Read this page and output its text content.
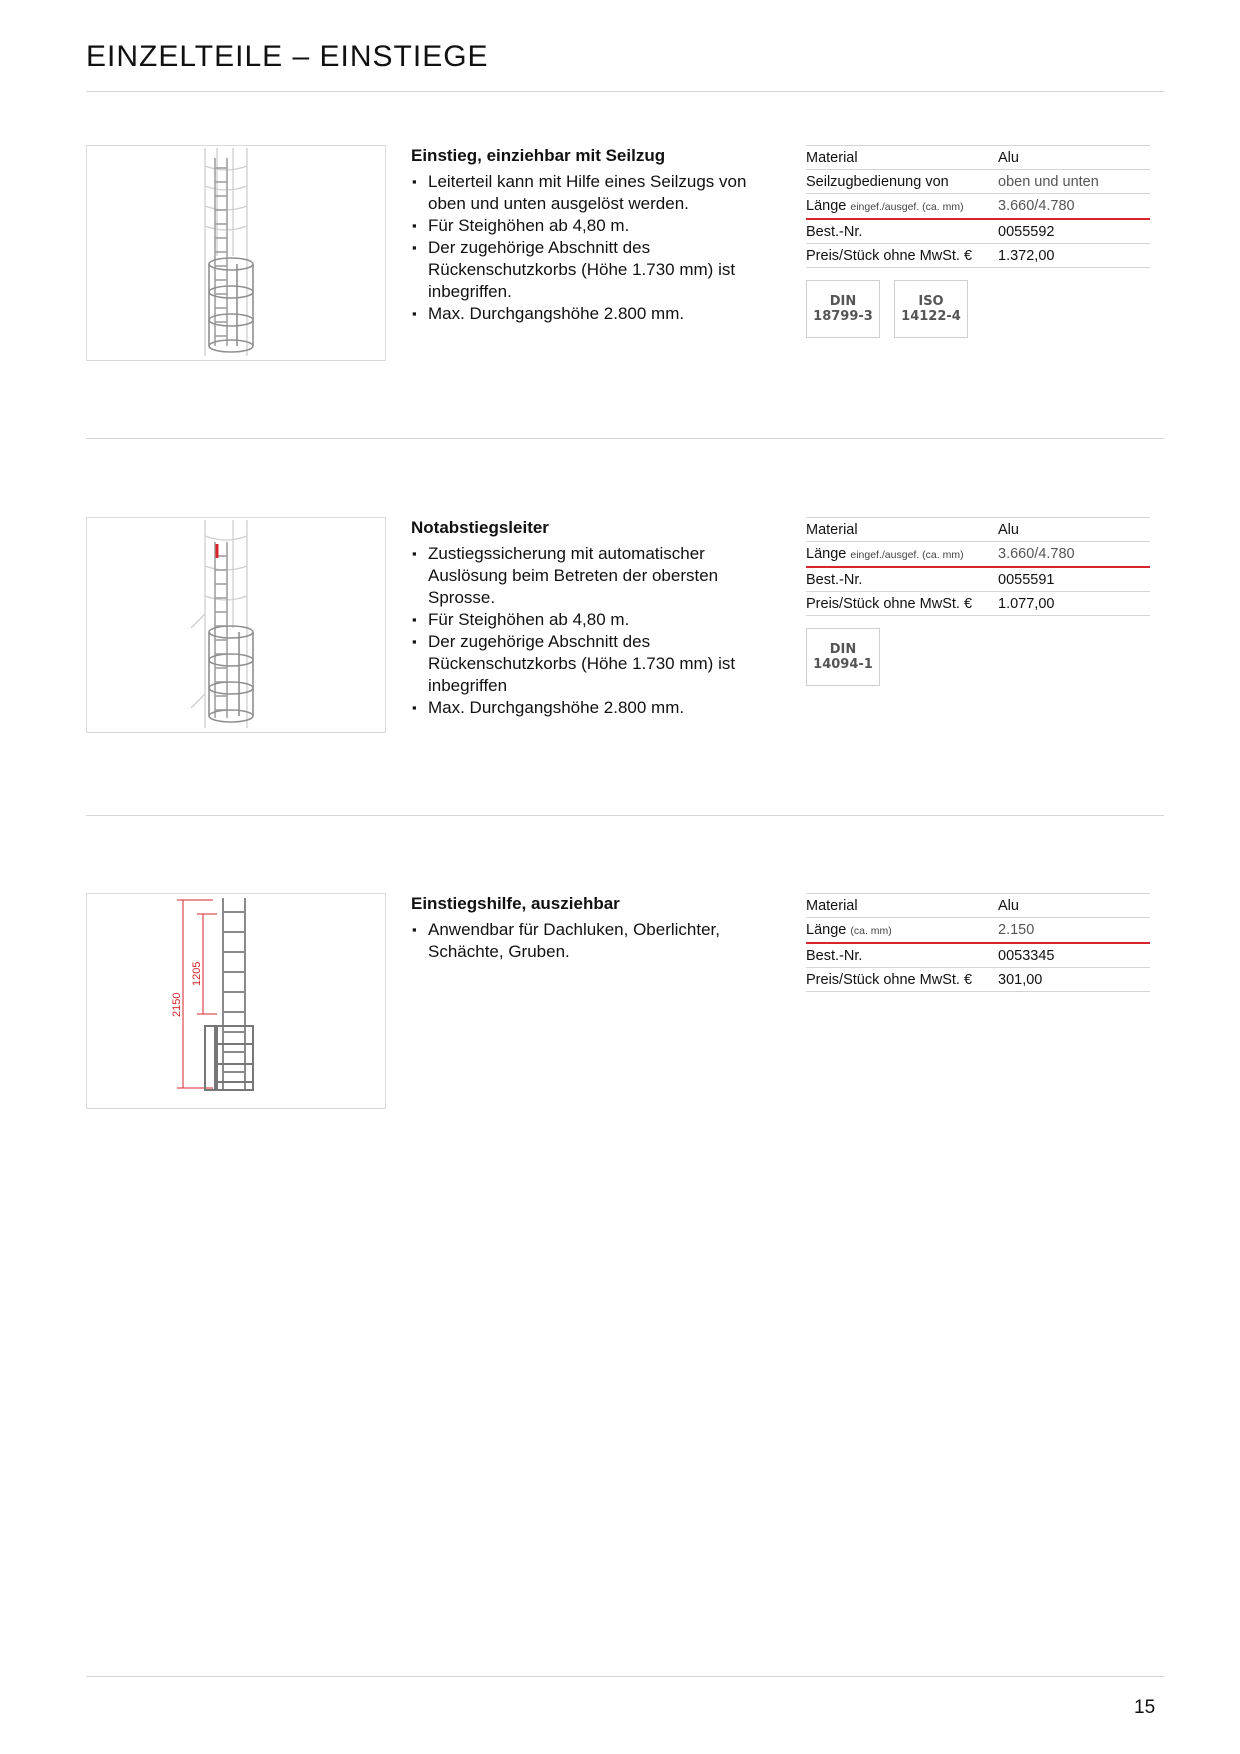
EINZELTEILE – EINSTIEGE
Einstieg, einziehbar mit Seilzug
▪ Leiterteil kann mit Hilfe eines Seilzugs von oben und unten ausgelöst werden.
▪ Für Steighöhen ab 4,80 m.
▪ Der zugehörige Abschnitt des Rückenschutzkorbs (Höhe 1.730 mm) ist inbegriffen.
▪ Max. Durchgangshöhe 2.800 mm.
Material	Alu
Seilzugbedienung von	oben und unten
Länge eingef./ausgef. (ca. mm)	3.660/4.780
Best.-Nr.	0055592
Preis/Stück ohne MwSt. €	1.372,00
DIN
18799-3
ISO
14122-4
Notabstiegsleiter
▪ Zustiegssicherung mit automatischer Auslösung beim Betreten der obersten Sprosse.
▪ Für Steighöhen ab 4,80 m.
▪ Der zugehörige Abschnitt des Rückenschutzkorbs (Höhe 1.730 mm) ist inbegriffen
▪ Max. Durchgangshöhe 2.800 mm.
Material	Alu
Länge eingef./ausgef. (ca. mm)	3.660/4.780
Best.-Nr.	0055591
Preis/Stück ohne MwSt. €	1.077,00
DIN
14094-1
2150
1205
Einstiegshilfe, ausziehbar
▪ Anwendbar für Dachluken, Oberlichter, Schächte, Gruben.
Material	Alu
Länge (ca. mm)	2.150
Best.-Nr.	0053345
Preis/Stück ohne MwSt. €	301,00
15
